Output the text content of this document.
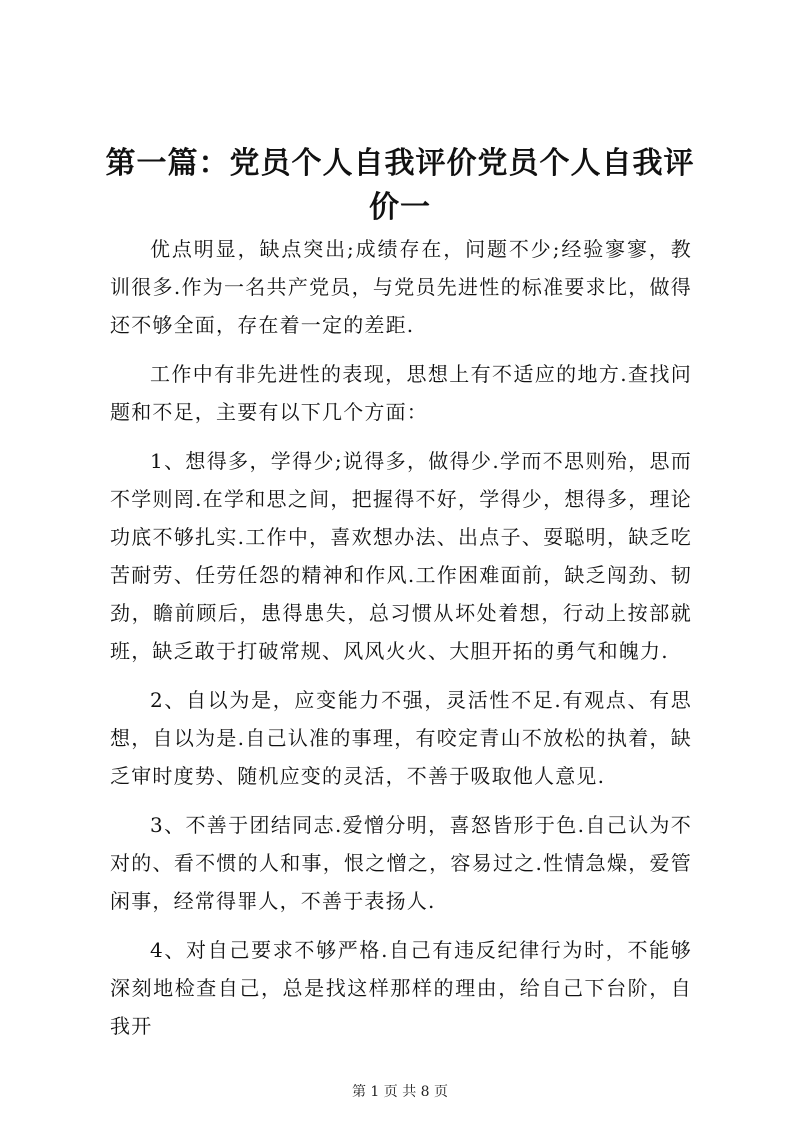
第一篇：党员个人自我评价党员个人自我评价一

优点明显，缺点突出;成绩存在，问题不少;经验寥寥，教训很多.作为一名共产党员，与党员先进性的标准要求比，做得还不够全面，存在着一定的差距.

工作中有非先进性的表现，思想上有不适应的地方.查找问题和不足，主要有以下几个方面：

1、想得多，学得少;说得多，做得少.学而不思则殆，思而不学则罔.在学和思之间，把握得不好，学得少，想得多，理论功底不够扎实.工作中，喜欢想办法、出点子、耍聪明，缺乏吃苦耐劳、任劳任怨的精神和作风.工作困难面前，缺乏闯劲、韧劲，瞻前顾后，患得患失，总习惯从坏处着想，行动上按部就班，缺乏敢于打破常规、风风火火、大胆开拓的勇气和魄力.

2、自以为是，应变能力不强，灵活性不足.有观点、有思想，自以为是.自己认准的事理，有咬定青山不放松的执着，缺乏审时度势、随机应变的灵活，不善于吸取他人意见.

3、不善于团结同志.爱憎分明，喜怒皆形于色.自己认为不对的、看不惯的人和事，恨之憎之，容易过之.性情急燥，爱管闲事，经常得罪人，不善于表扬人.

4、对自己要求不够严格.自己有违反纪律行为时，不能够深刻地检查自己，总是找这样那样的理由，给自己下台阶，自我开

第 1 页 共 8 页
